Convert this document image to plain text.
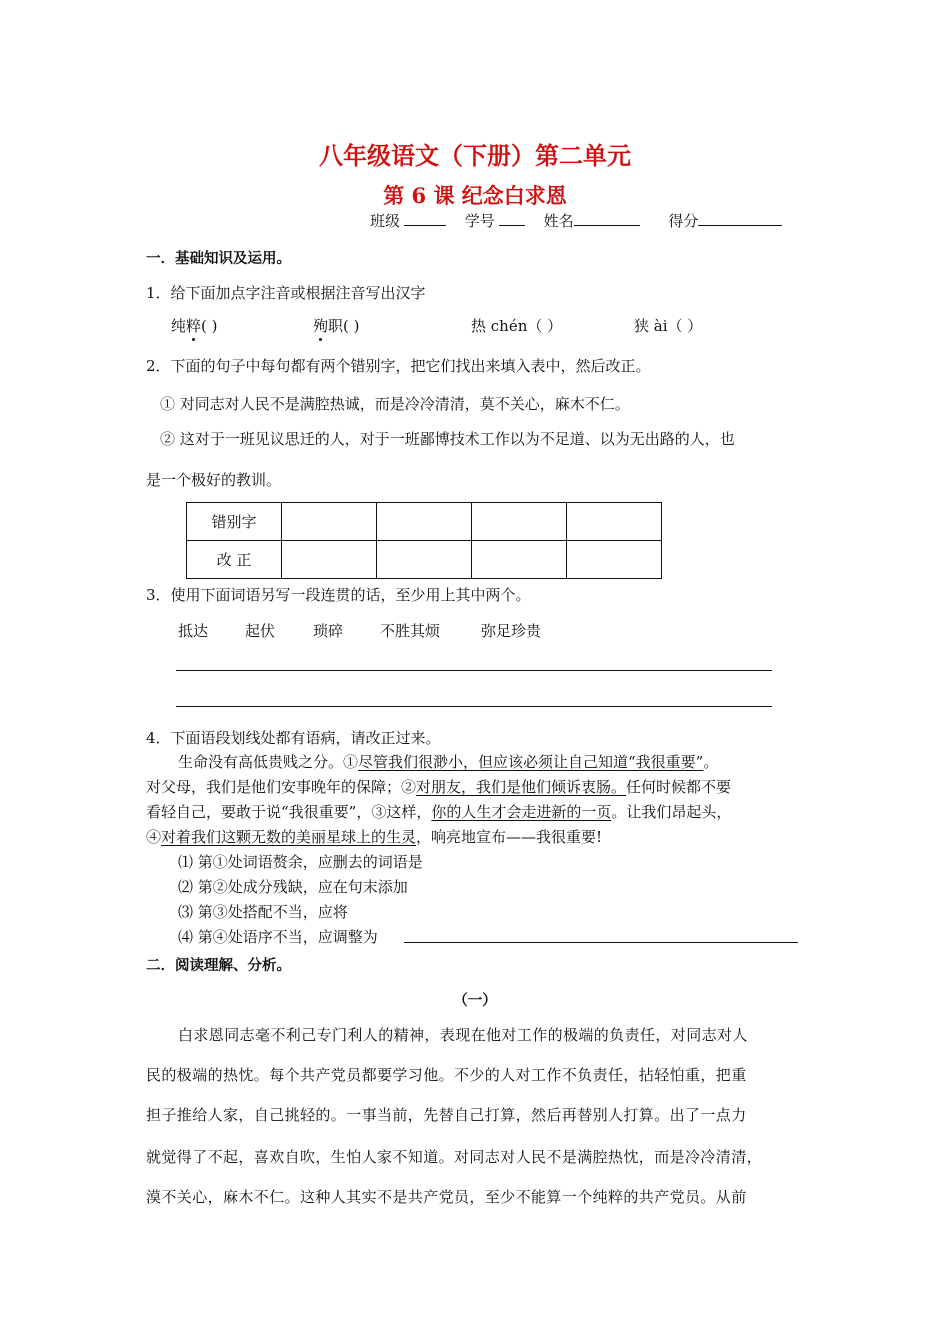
八年级语文（下册）第二单元
第 6 课 纪念白求恩
班级	学号	姓名	得分
一．基础知识及运用。
1．给下面加点字注音或根据注音写出汉字
纯粹( )	殉职( )	热 chén（ ）	狭 ài（ ）
2．下面的句子中每句都有两个错别字，把它们找出来填入表中，然后改正。
① 对同志对人民不是满腔热诚，而是冷冷清清，莫不关心，麻木不仁。
② 这对于一班见议思迁的人，对于一班鄙博技术工作以为不足道、以为无出路的人，也
是一个极好的教训。
错别字				
改 正				
3．使用下面词语另写一段连贯的话，至少用上其中两个。
抵达 起伏	琐碎 不胜其烦	弥足珍贵
4．下面语段划线处都有语病，请改正过来。
生命没有高低贵贱之分。①尽管我们很渺小，但应该必须让自己知道“我很重要”。
对父母，我们是他们安事晚年的保障；②对朋友，我们是他们倾诉衷肠。任何时候都不要
看轻自己，要敢于说“我很重要”，③这样，你的人生才会走进新的一页。让我们昂起头，
④对着我们这颗无数的美丽星球上的生灵，响亮地宣布——我很重要!
⑴ 第①处词语赘余，应删去的词语是
⑵ 第②处成分残缺，应在句末添加
⑶ 第③处搭配不当，应将
⑷ 第④处语序不当，应调整为
二．阅读理解、分析。
（一）
白求恩同志毫不利己专门利人的精神，表现在他对工作的极端的负责任，对同志对人
民的极端的热忱。每个共产党员都要学习他。不少的人对工作不负责任，拈轻怕重，把重
担子推给人家，自己挑轻的。一事当前，先替自己打算，然后再替别人打算。出了一点力
就觉得了不起，喜欢自吹，生怕人家不知道。对同志对人民不是满腔热忱，而是冷冷清清，
漠不关心，麻木不仁。这种人其实不是共产党员，至少不能算一个纯粹的共产党员。从前
